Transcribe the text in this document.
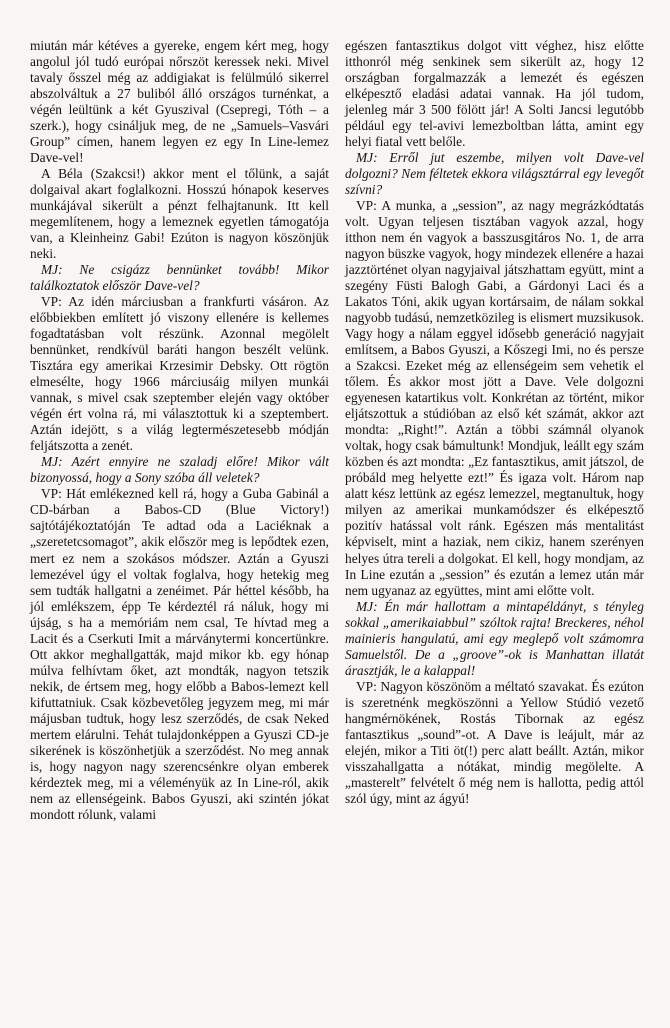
miután már kétéves a gyereke, engem kért meg, hogy angolul jól tudó európai nőrszöt keressek neki. Mivel tavaly ősszel még az addigiakat is felülmúló sikerrel abszolváltuk a 27 buliból álló országos turnénkat, a végén leültünk a két Gyuszival (Csepregi, Tóth – a szerk.), hogy csináljuk meg, de ne „Samuels–Vasvári Group” címen, hanem legyen ez egy In Line-lemez Dave-vel!

A Béla (Szakcsi!) akkor ment el tőlünk, a saját dolgaival akart foglalkozni. Hosszú hónapok keserves munkájával sikerült a pénzt felhajtanunk. Itt kell megemlítenem, hogy a lemeznek egyetlen támogatója van, a Kleinheinz Gabi! Ezúton is nagyon köszönjük neki.

MJ: Ne csigázz bennünket tovább! Mikor találkoztatok először Dave-vel?

VP: Az idén márciusban a frankfurti vásáron. Az előbbiekben említett jó viszony ellenére is kellemes fogadtatásban volt részünk. Azonnal megölelt bennünket, rendkívül baráti hangon beszélt velünk. Tisztára egy amerikai Krzesimir Debsky. Ott rögtön elmesélte, hogy 1966 márciusáig milyen munkái vannak, s mivel csak szeptember elején vagy október végén ért volna rá, mi választottuk ki a szeptembert. Aztán idejött, s a világ legtermészetesebb módján feljátszotta a zenét.

MJ: Azért ennyire ne szaladj előre! Mikor vált bizonyossá, hogy a Sony szóba áll veletek?

VP: Hát emlékezned kell rá, hogy a Guba Gabinál a CD-bárban a Babos-CD (Blue Victory!) sajtótájékoztatóján Te adtad oda a Laciéknak a „szeretetcsomagot”, akik először meg is lepődtek ezen, mert ez nem a szokásos módszer. Aztán a Gyuszi lemezével úgy el voltak foglalva, hogy hetekig meg sem tudták hallgatni a zenéimet. Pár héttel később, ha jól emlékszem, épp Te kérdeztél rá náluk, hogy mi újság, s ha a memóriám nem csal, Te hívtad meg a Lacit és a Cserkuti Imit a márványtermi koncertünkre. Ott akkor meghallgatták, majd mikor kb. egy hónap múlva felhívtam őket, azt mondták, nagyon tetszik nekik, de értsem meg, hogy előbb a Babos-lemezt kell kifuttatniuk. Csak közbevetőleg jegyzem meg, mi már májusban tudtuk, hogy lesz szerződés, de csak Neked mertem elárulni. Tehát tulajdonképpen a Gyuszi CD-je sikerének is köszönhetjük a szerződést. No meg annak is, hogy nagyon nagy szerencsénkre olyan emberek kérdeztek meg, mi a véleményük az In Line-ról, akik nem az ellenségeink. Babos Gyuszi, aki szintén jókat mondott rólunk, valami

egészen fantasztikus dolgot vitt véghez, hisz előtte itthonról még senkinek sem sikerült az, hogy 12 országban forgalmazzák a lemezét és egészen elképesztő eladási adatai vannak. Ha jól tudom, jelenleg már 3 500 fölött jár! A Solti Jancsi legutóbb például egy tel-avivi lemezboltban látta, amint egy helyi fiatal vett belőle.

MJ: Erről jut eszembe, milyen volt Dave-vel dolgozni? Nem féltetek ekkora világsztárral egy levegőt szívni?

VP: A munka, a „session”, az nagy megrázkódtatás volt. Ugyan teljesen tisztában vagyok azzal, hogy itthon nem én vagyok a basszusgitáros No. 1, de arra nagyon büszke vagyok, hogy mindezek ellenére a hazai jazztörténet olyan nagyjaival játszhattam együtt, mint a szegény Füsti Balogh Gabi, a Gárdonyi Laci és a Lakatos Tóni, akik ugyan kortársaim, de nálam sokkal nagyobb tudású, nemzetközileg is elismert muzsikusok. Vagy hogy a nálam eggyel idősebb generáció nagyjait említsem, a Babos Gyuszi, a Kőszegi Imi, no és persze a Szakcsi. Ezeket még az ellenségeim sem vehetik el tőlem. És akkor most jött a Dave. Vele dolgozni egyenesen katartikus volt. Konkrétan az történt, mikor eljátszottuk a stúdióban az első két számát, akkor azt mondta: „Right!”. Aztán a többi számnál olyanok voltak, hogy csak bámultunk! Mondjuk, leállt egy szám közben és azt mondta: „Ez fantasztikus, amit játszol, de próbáld meg helyette ezt!” És igaza volt. Három nap alatt kész lettünk az egész lemezzel, megtanultuk, hogy milyen az amerikai munkamódszer és elképesztő pozitív hatással volt ránk. Egészen más mentalitást képviselt, mint a haziak, nem cikiz, hanem szerényen helyes útra tereli a dolgokat. El kell, hogy mondjam, az In Line ezután a „session” és ezután a lemez után már nem ugyanaz az együttes, mint ami előtte volt.

MJ: Én már hallottam a mintapéldányt, s tényleg sokkal „amerikaiabbul” szóltok rajta! Breckeres, néhol mainieris hangulatú, ami egy meglepő volt számomra Samuelstől. De a „groove”-ok is Manhattan illatát árasztják, le a kalappal!

VP: Nagyon köszönöm a méltató szavakat. És ezúton is szeretnénk megköszönni a Yellow Stúdió vezető hangmérnökének, Rostás Tibornak az egész fantasztikus „sound”-ot. A Dave is leájult, már az elején, mikor a Titi öt(!) perc alatt beállt. Aztán, mikor visszahallgatta a nótákat, mindig megölelte. A „masterelt” felvételt ő még nem is hallotta, pedig attól szól úgy, mint az ágyú!
